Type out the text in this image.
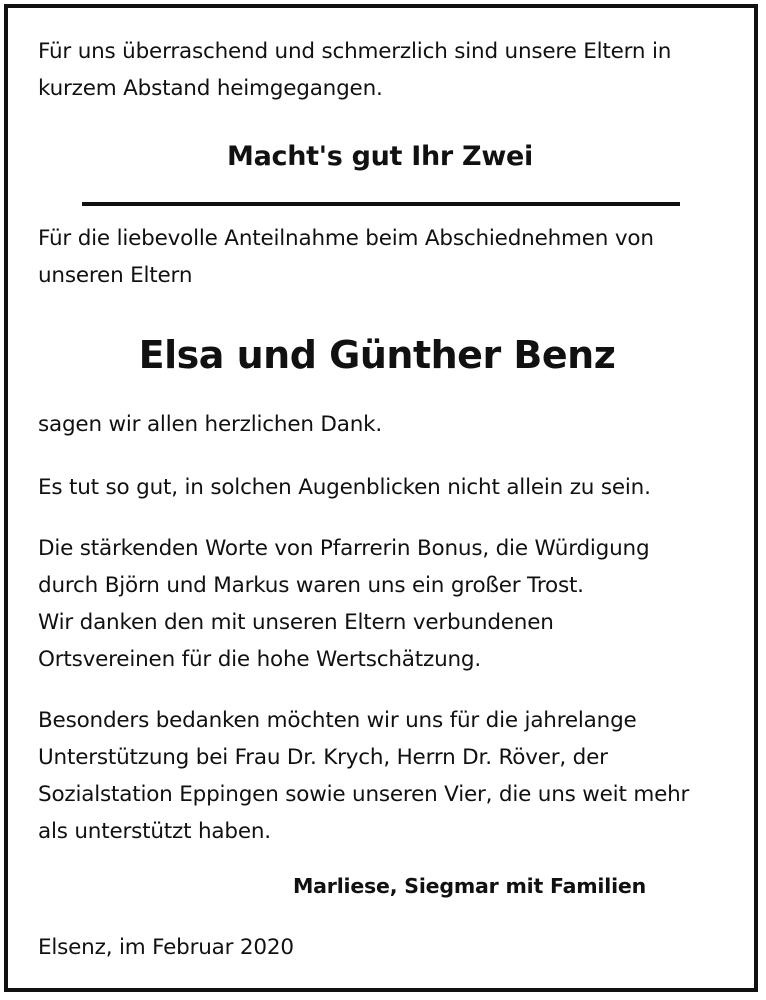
Für uns überraschend und schmerzlich sind unsere Eltern in
kurzem Abstand heimgegangen.

Macht's gut Ihr Zwei

Für die liebevolle Anteilnahme beim Abschiednehmen von
unseren Eltern

Elsa und Günther Benz

sagen wir allen herzlichen Dank.

Es tut so gut, in solchen Augenblicken nicht allein zu sein.

Die stärkenden Worte von Pfarrerin Bonus, die Würdigung
durch Björn und Markus waren uns ein großer Trost.
Wir danken den mit unseren Eltern verbundenen
Ortsvereinen für die hohe Wertschätzung.

Besonders bedanken möchten wir uns für die jahrelange
Unterstützung bei Frau Dr. Krych, Herrn Dr. Röver, der
Sozialstation Eppingen sowie unseren Vier, die uns weit mehr
als unterstützt haben.

Marliese, Siegmar mit Familien

Elsenz, im Februar 2020
